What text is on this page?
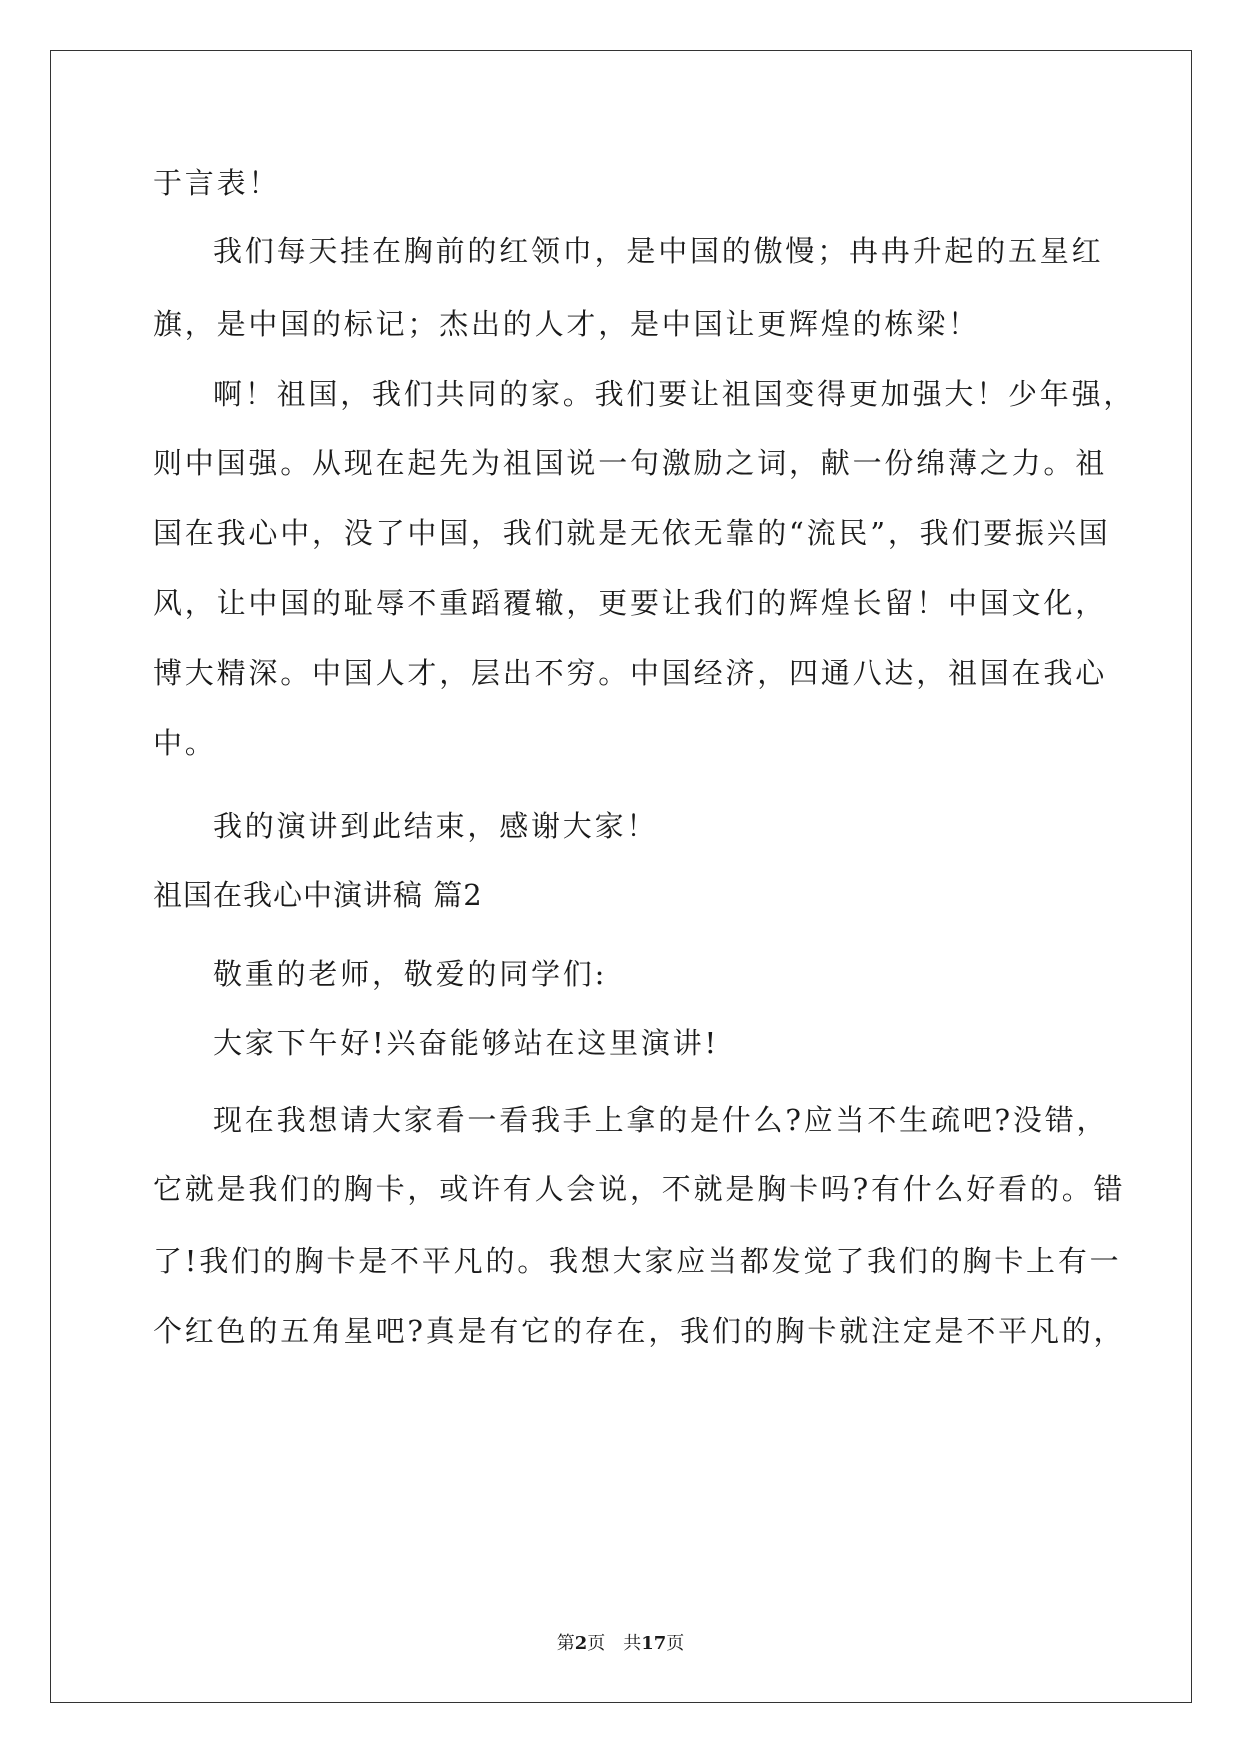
于言表！
我们每天挂在胸前的红领巾，是中国的傲慢；冉冉升起的五星红
旗，是中国的标记；杰出的人才，是中国让更辉煌的栋梁！
啊！祖国，我们共同的家。我们要让祖国变得更加强大！少年强，
则中国强。从现在起先为祖国说一句激励之词，献一份绵薄之力。祖
国在我心中，没了中国，我们就是无依无靠的“流民”，我们要振兴国
风，让中国的耻辱不重蹈覆辙，更要让我们的辉煌长留！中国文化，
博大精深。中国人才，层出不穷。中国经济，四通八达，祖国在我心
中。
我的演讲到此结束，感谢大家！
祖国在我心中演讲稿 篇2
敬重的老师，敬爱的同学们:
大家下午好!兴奋能够站在这里演讲!
现在我想请大家看一看我手上拿的是什么?应当不生疏吧?没错，
它就是我们的胸卡，或许有人会说，不就是胸卡吗?有什么好看的。错
了!我们的胸卡是不平凡的。我想大家应当都发觉了我们的胸卡上有一
个红色的五角星吧?真是有它的存在，我们的胸卡就注定是不平凡的，
第2页　共17页
